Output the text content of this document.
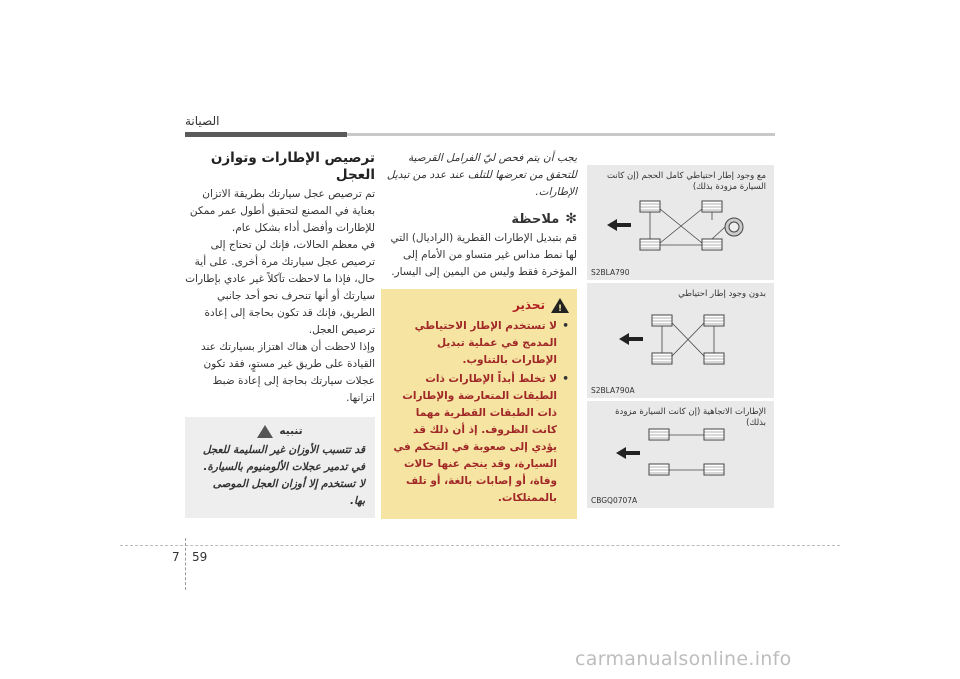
الصيانة
مع وجود إطار احتياطي كامل الحجم (إن كانت السيارة مزودة بذلك)
S2BLA790
بدون وجود إطار احتياطي
S2BLA790A
الإطارات الاتجاهية (إن كانت السيارة مزودة بذلك)
CBGQ0707A

يجب أن يتم فحص ليّ الفرامل القرصية للتحقق من تعرضها للتلف عند عدد من تبديل الإطارات.

✻
ملاحظة

قم بتبديل الإطارات القطرية (الراديال) التي لها نمط مداس غير متساو من الأمام إلى المؤخرة فقط وليس من اليمين إلى اليسار.

!
تحذير
• لا تستخدم الإطار الاحتياطي المدمج في عملية تبديل الإطارات بالتناوب.
• لا تخلط أبداً الإطارات ذات الطبقات المتعارضة والإطارات ذات الطبقات القطرية مهما كانت الظروف. إذ أن ذلك قد يؤدي إلى صعوبة في التحكم في السيارة، وقد ينجم عنها حالات وفاة، أو إصابات بالغة، أو تلف بالممتلكات.
ترصيص الإطارات وتوازن العجل

تم ترصيص عجل سيارتك بطريقة الاتزان بعناية في المصنع لتحقيق أطول عمر ممكن للإطارات وأفضل أداء بشكل عام.

في معظم الحالات، فإنك لن تحتاج إلى ترصيص عجل سيارتك مرة أخرى. على أية حال، فإذا ما لاحظت تآكلاً غير عادي بإطارات سيارتك أو أنها تنحرف نحو أحد جانبي الطريق، فإنك قد تكون بحاجة إلى إعادة ترصيص العجل.

وإذا لاحظت أن هناك اهتزاز بسيارتك عند القيادة على طريق غير مستوٍ، فقد تكون عجلات سيارتك بحاجة إلى إعادة ضبط اتزانها.

تنبيه

قد تتسبب الأوزان غير السليمة للعجل في تدمير عجلات الألومنيوم بالسيارة. لا تستخدم إلا أوزان العجل الموصى بها.

7 59
carmanualsonline.info
